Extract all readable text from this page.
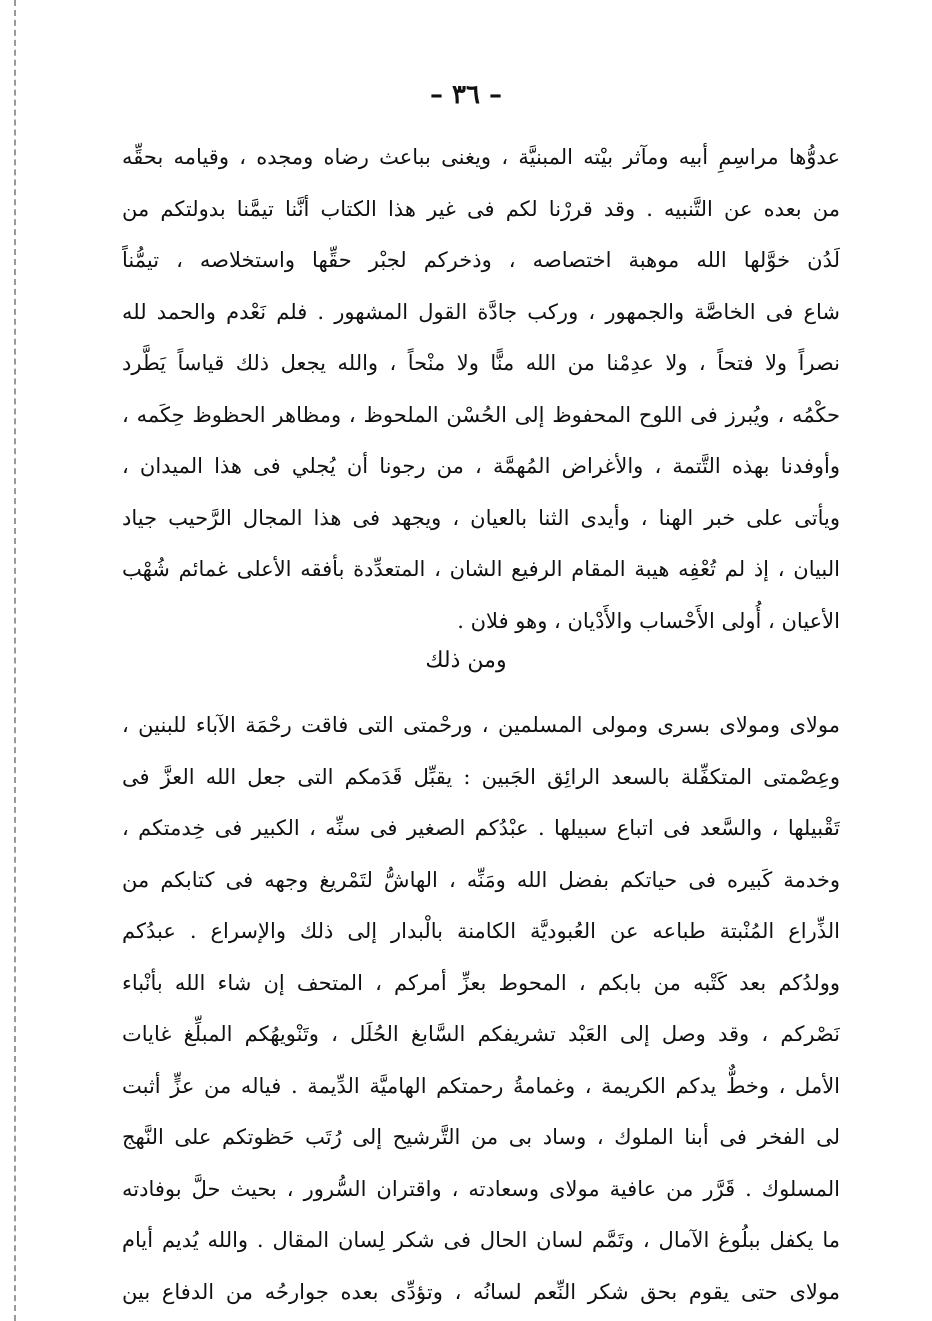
– ٣٦ –
عدوُّها مراسِمِ أبيه ومآثر بيْته المبنيَّة ، ويغنى بباعث رضاه ومجده ، وقيامه بحقِّه
من بعده عن التَّنبيه . وقد قررْنا لكم فى غير هذا الكتاب أنَّنا تيمَّنا بدولتكم من
لَدُن خوَّلها الله موهبة اختصاصه ، وذخركم لجبْر حقِّها واستخلاصه ، تيمُّناً
شاع فى الخاصَّة والجمهور ، وركب جادَّة القول المشهور . فلم نَعْدم والحمد لله
نصراً ولا فتحاً ، ولا عدِمْنا من الله منًّا ولا منْحاً ، والله يجعل ذلك قياساً يَطَّرد
حكْمُه ، ويُبرز فى اللوح المحفوظ إلى الحُسْن الملحوظ ، ومظاهر الحظوظ حِكَمه ،
وأوفدنا بهذه التَّتمة ، والأغراض المُهمَّة ، من رجونا أن يُجلي فى هذا الميدان ،
ويأتى على خبر الهنا ، وأيدى الثنا بالعيان ، ويجهد فى هذا المجال الرَّحيب جياد
البيان ، إذ لم تُعْفِه هيبة المقام الرفيع الشان ، المتعدِّدة بأفقه الأعلى غمائم شُهْب
الأعيان ، أُولى الأَحْساب والأَدْيان ، وهو فلان .
ومن ذلك
مولاى ومولاى بسرى ومولى المسلمين ، ورحْمتى التى فاقت رحْمَة الآباء للبنين ،
وعِصْمتى المتكفِّلة بالسعد الرائِق الجَبين : يقبِّل قَدَمكم التى جعل الله العزَّ فى
تَقْبيلها ، والسَّعد فى اتباع سبيلها . عبْدُكم الصغير فى سنِّه ، الكبير فى خِدمتكم ،
وخدمة كَبيره فى حياتكم بفضل الله ومَنِّه ، الهاشُّ لتَمْريغ وجهه فى كتابكم من
الذِّراع المُنْبتة طباعه عن العُبوديَّة الكامنة بالْبدار إلى ذلك والإسراع . عبدُكم
وولدُكم بعد كَتْبه من بابكم ، المحوط بعزِّ أمركم ، المتحف إن شاء الله بأنْباء
نَصْركم ، وقد وصل إلى العَبْد تشريفكم السَّابغ الحُلَل ، وتَنْويهُكم المبلِّغ غايات
الأمل ، وخطٌّ يدكم الكريمة ، وغمامةُ رحمتكم الهاميَّة الدِّيمة . فياله من عزٍّ أثبت
لى الفخر فى أبنا الملوك ، وساد بى من التَّرشيح إلى رُتَب حَظوتكم على النَّهج
المسلوك . قَرَّر من عافية مولاى وسعادته ، واقتران السُّرور ، بحيث حلَّ بوفادته
ما يكفل ببلُوغ الآمال ، وتَمَّم لسان الحال فى شكر لِسان المقال . والله يُديم أيام
مولاى حتى يقوم بحق شكر النِّعم لسانُه ، وتؤدِّى بعده جوارحُه من الدفاع بين
